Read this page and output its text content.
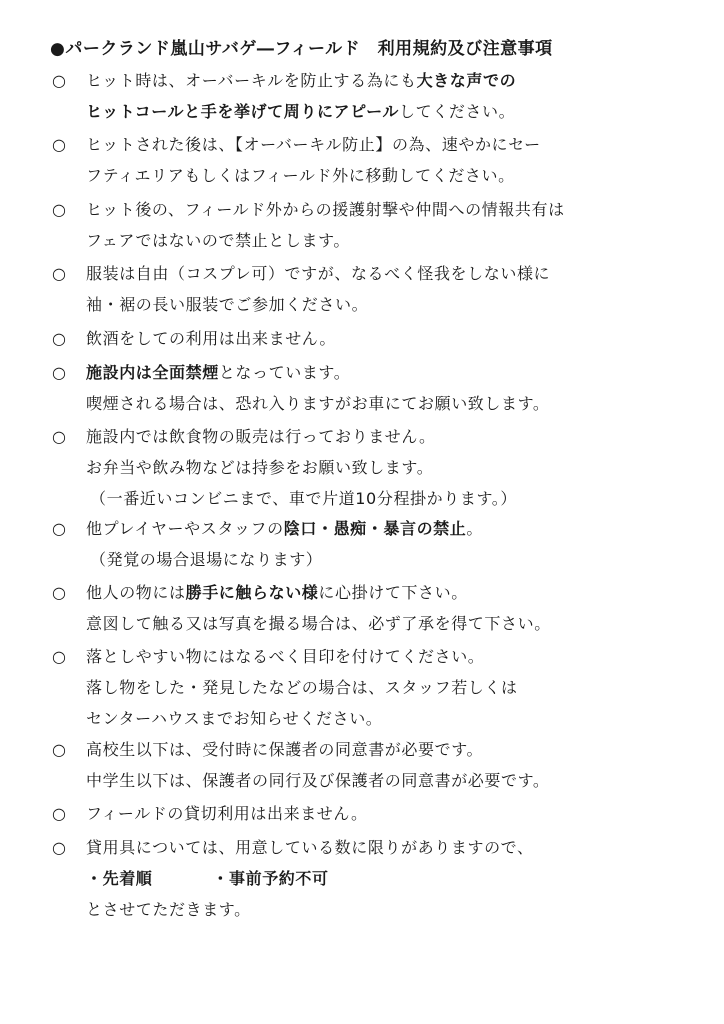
●パークランド嵐山サバゲ―フィールド　利用規約及び注意事項
○ ヒット時は、オーバーキルを防止する為にも大きな声での
ヒットコールと手を挙げて周りにアピールしてください。
○ ヒットされた後は、【オーバーキル防止】の為、速やかにセー
フティエリアもしくはフィールド外に移動してください。
○ ヒット後の、フィールド外からの援護射撃や仲間への情報共有は
フェアではないので禁止とします。
○ 服装は自由（コスプレ可）ですが、なるべく怪我をしない様に
袖・裾の長い服装でご参加ください。
○ 飲酒をしての利用は出来ません。
○ 施設内は全面禁煙となっています。
喫煙される場合は、恐れ入りますがお車にてお願い致します。
○ 施設内では飲食物の販売は行っておりません。
お弁当や飲み物などは持参をお願い致します。
（一番近いコンビニまで、車で片道10分程掛かります。）
○ 他プレイヤーやスタッフの陰口・愚痴・暴言の禁止。
（発覚の場合退場になります）
○ 他人の物には勝手に触らない様に心掛けて下さい。
意図して触る又は写真を撮る場合は、必ず了承を得て下さい。
○ 落としやすい物にはなるべく目印を付けてください。
落し物をした・発見したなどの場合は、スタッフ若しくは
センターハウスまでお知らせください。
○ 高校生以下は、受付時に保護者の同意書が必要です。
中学生以下は、保護者の同行及び保護者の同意書が必要です。
○ フィールドの貸切利用は出来ません。
○ 貸用具については、用意している数に限りがありますので、
・先着順	・事前予約不可
とさせてただきます。
